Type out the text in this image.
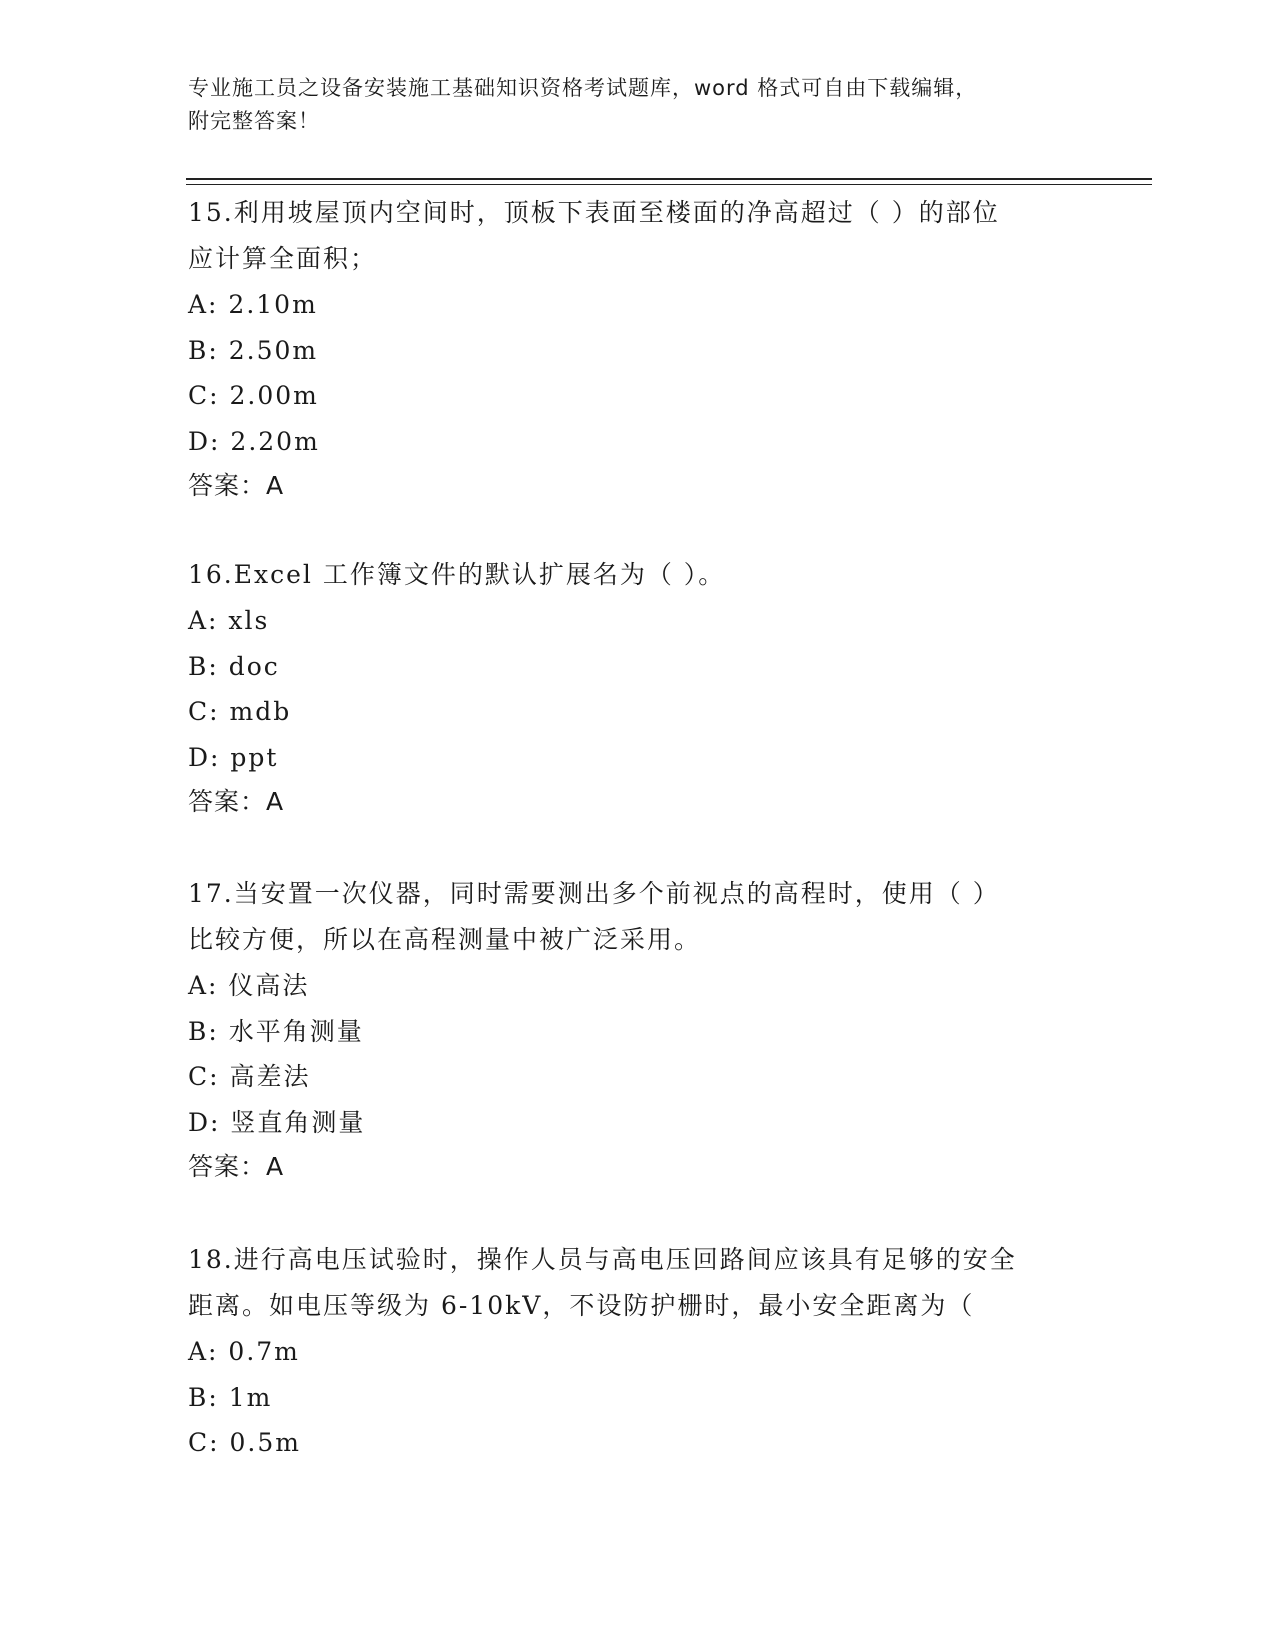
专业施工员之设备安装施工基础知识资格考试题库，word 格式可自由下载编辑，
附完整答案！
15.利用坡屋顶内空间时，顶板下表面至楼面的净高超过（ ）的部位
应计算全面积；
A: 2.10m
B: 2.50m
C: 2.00m
D: 2.20m
答案：A
16.Excel 工作簿文件的默认扩展名为（ ）。
A: xls
B: doc
C: mdb
D: ppt
答案：A
17.当安置一次仪器，同时需要测出多个前视点的高程时，使用（ ）
比较方便，所以在高程测量中被广泛采用。
A: 仪高法
B: 水平角测量
C: 高差法
D: 竖直角测量
答案：A
18.进行高电压试验时，操作人员与高电压回路间应该具有足够的安全
距离。如电压等级为 6-10kV，不设防护栅时，最小安全距离为（
A: 0.7m
B: 1m
C: 0.5m
